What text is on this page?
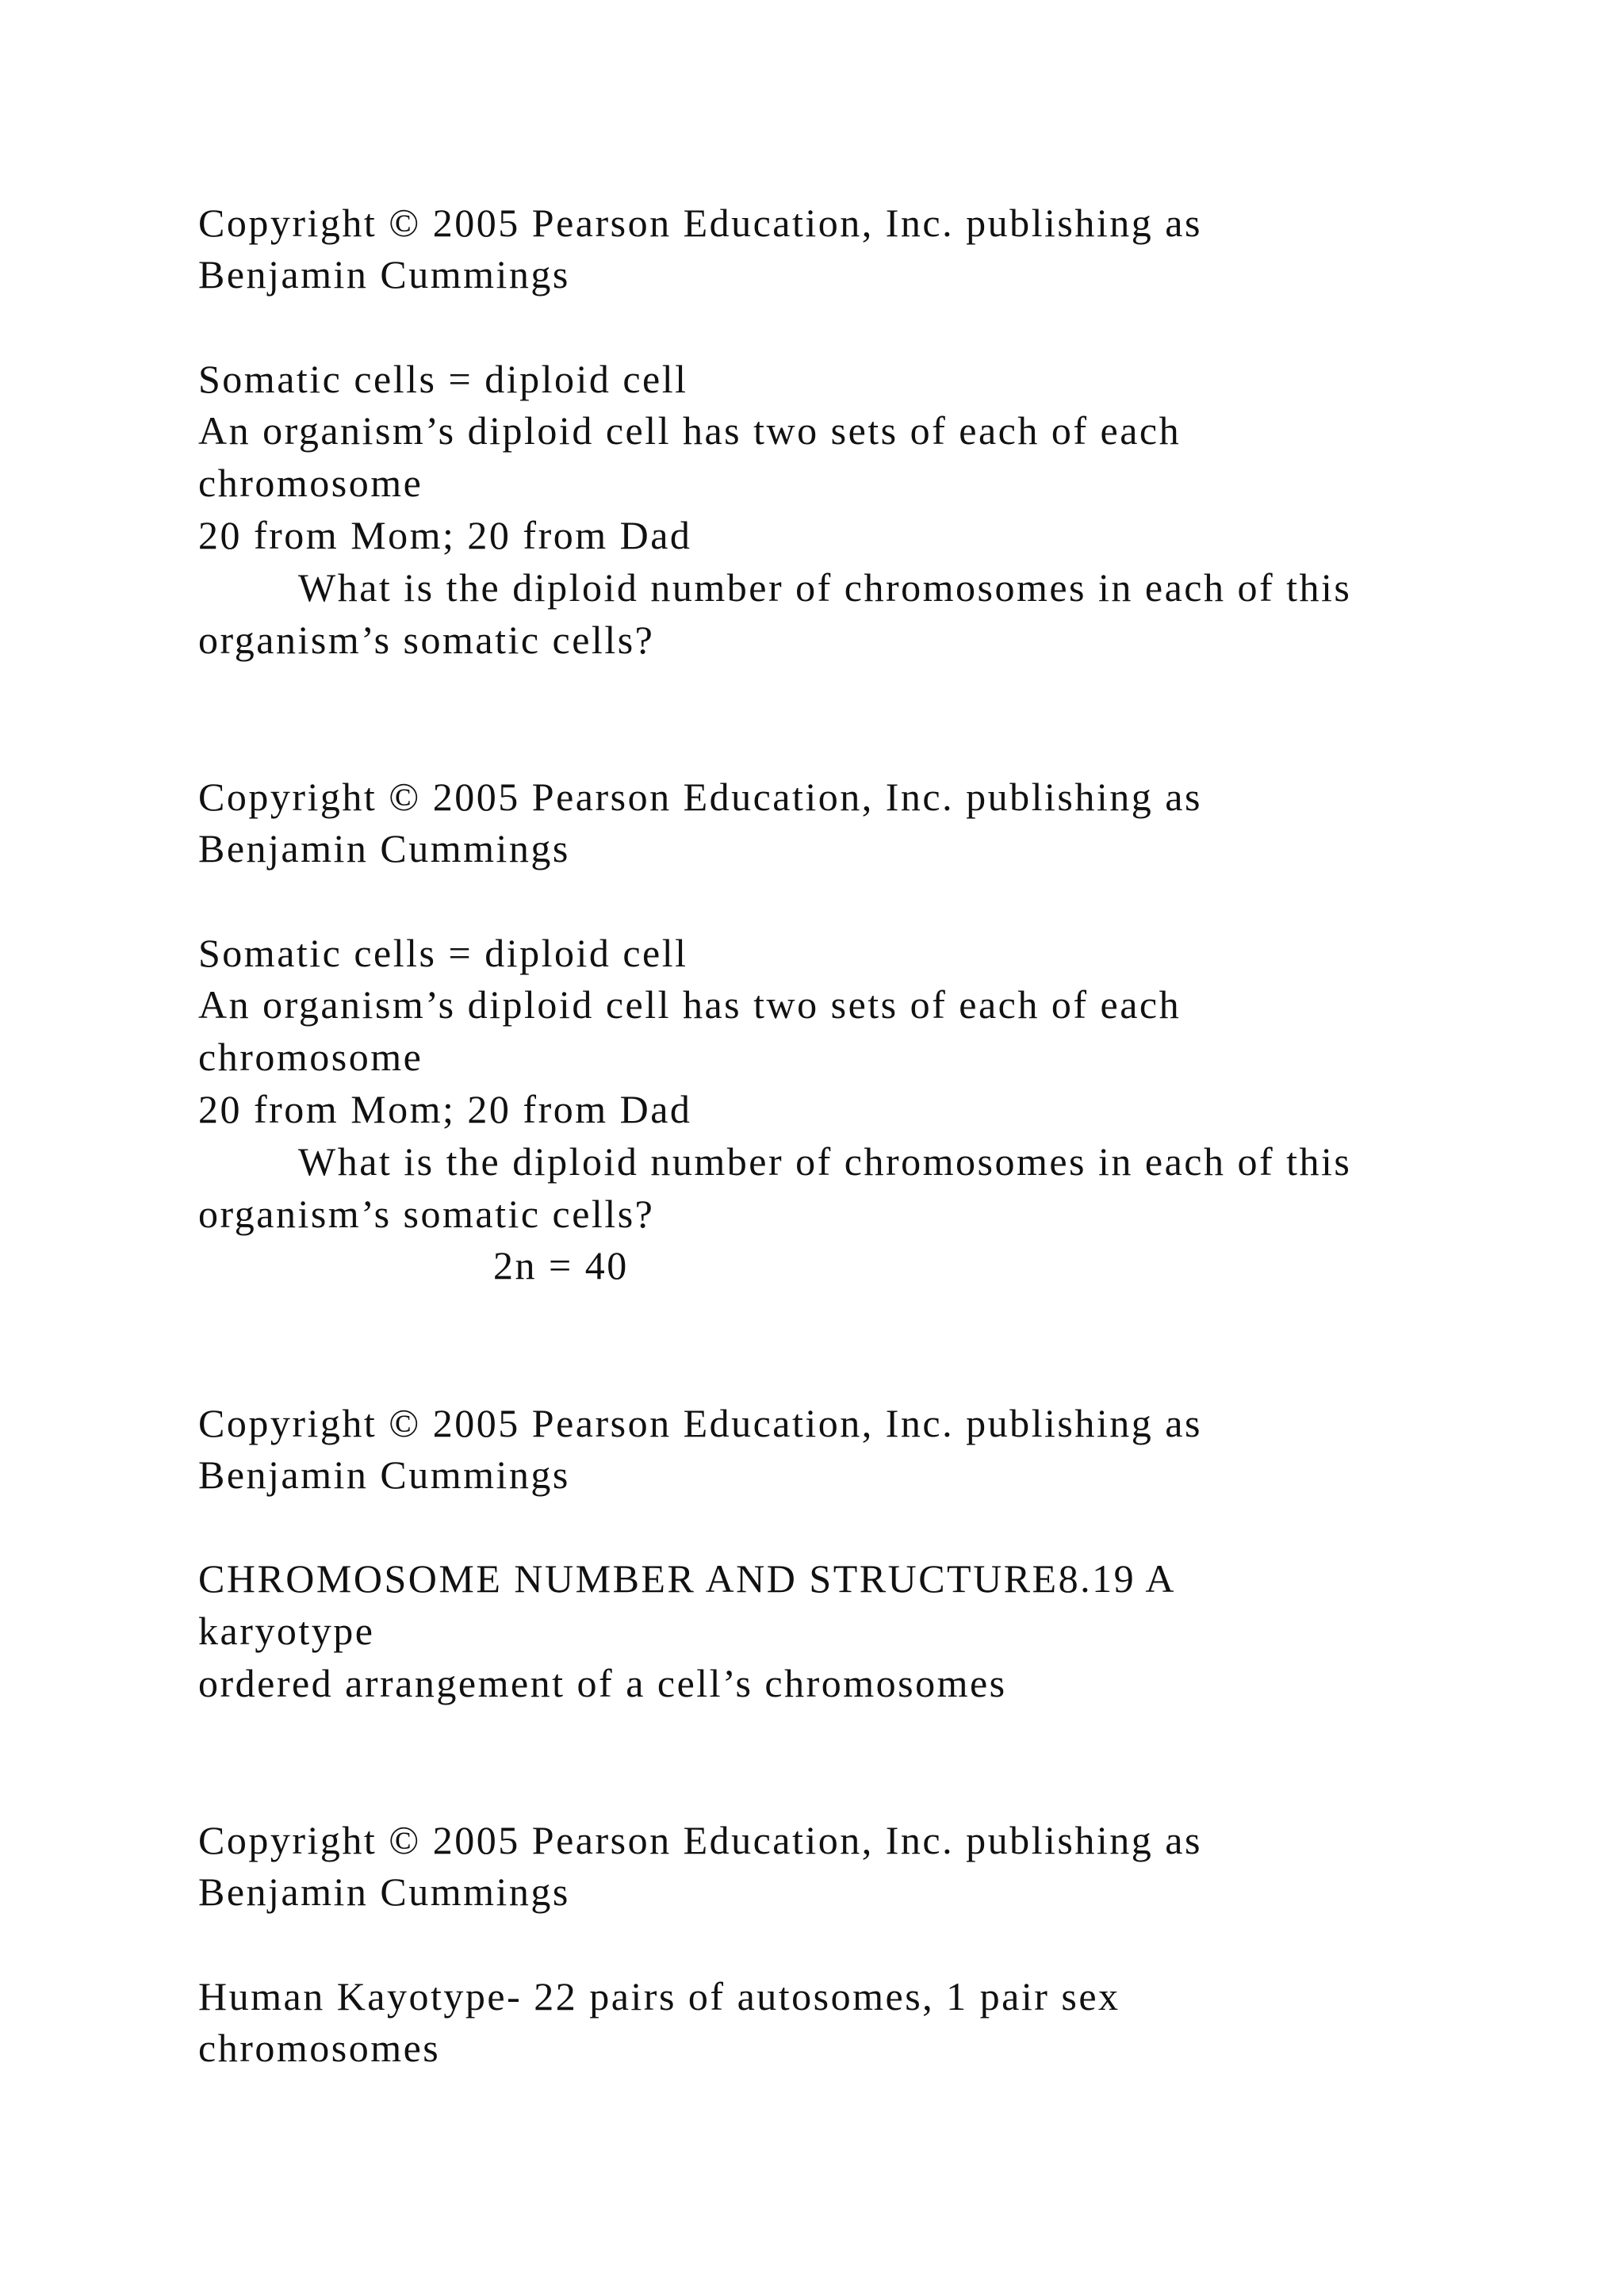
Copyright © 2005 Pearson Education, Inc. publishing as
Benjamin Cummings
Somatic cells = diploid cell
An organism’s diploid cell has two sets of each of each
chromosome
20 from Mom; 20 from Dad
What is the diploid number of chromosomes in each of this
organism’s somatic cells?
Copyright © 2005 Pearson Education, Inc. publishing as
Benjamin Cummings
Somatic cells = diploid cell
An organism’s diploid cell has two sets of each of each
chromosome
20 from Mom; 20 from Dad
What is the diploid number of chromosomes in each of this
organism’s somatic cells?
2n = 40
Copyright © 2005 Pearson Education, Inc. publishing as
Benjamin Cummings
CHROMOSOME NUMBER AND STRUCTURE8.19 A
karyotype
ordered arrangement of a cell’s chromosomes
Copyright © 2005 Pearson Education, Inc. publishing as
Benjamin Cummings
Human Kayotype- 22 pairs of autosomes, 1 pair sex
chromosomes
